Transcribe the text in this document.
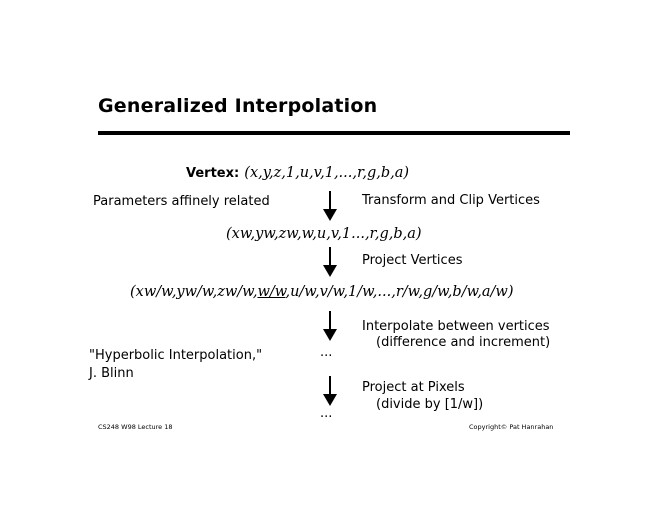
Generalized Interpolation
Vertex: (x,y,z,1,u,v,1,...,r,g,b,a)
Parameters affinely related	Transform and Clip Vertices
(xw,yw,zw,w,u,v,1...,r,g,b,a)
Project Vertices
(xw/w,yw/w,zw/w,w/w,u/w,v/w,1/w,...,r/w,g/w,b/w,a/w)
Interpolate between vertices
(difference and increment)
"Hyperbolic Interpolation,"
J. Blinn
...
Project at Pixels
(divide by [1/w])
...
CS248 W98 Lecture 18	Copyright© Pat Hanrahan
